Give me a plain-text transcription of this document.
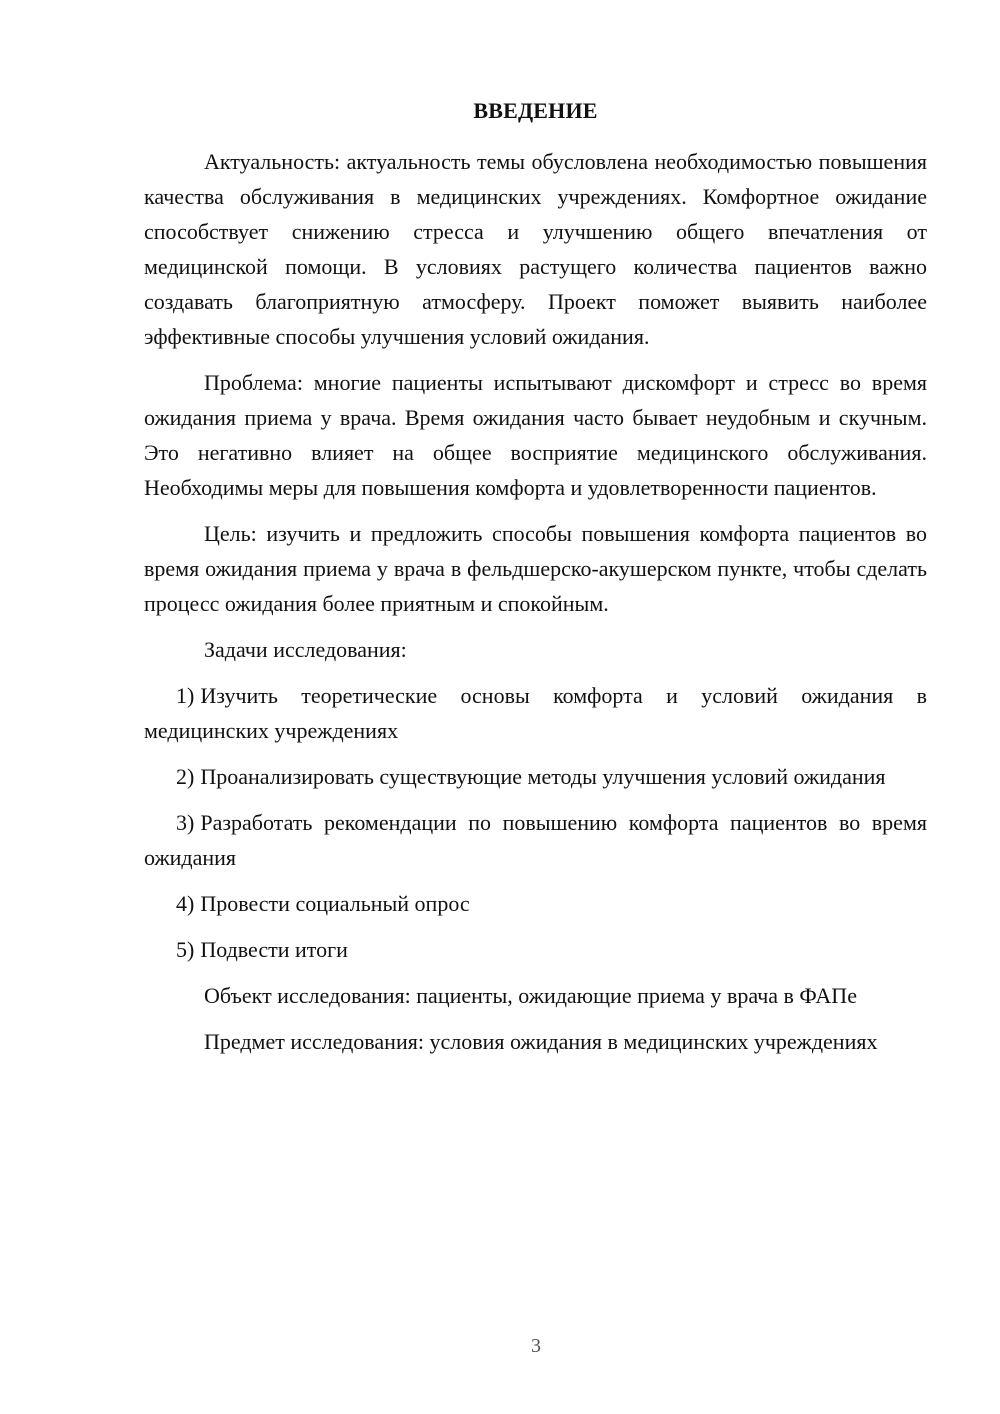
ВВЕДЕНИЕ

Актуальность: актуальность темы обусловлена необходимостью повышения качества обслуживания в медицинских учреждениях. Комфортное ожидание способствует снижению стресса и улучшению общего впечатления от медицинской помощи. В условиях растущего количества пациентов важно создавать благоприятную атмосферу. Проект поможет выявить наиболее эффективные способы улучшения условий ожидания.

Проблема: многие пациенты испытывают дискомфорт и стресс во время ожидания приема у врача. Время ожидания часто бывает неудобным и скучным. Это негативно влияет на общее восприятие медицинского обслуживания. Необходимы меры для повышения комфорта и удовлетворенности пациентов.

Цель: изучить и предложить способы повышения комфорта пациентов во время ожидания приема у врача в фельдшерско-акушерском пункте, чтобы сделать процесс ожидания более приятным и спокойным.

Задачи исследования:

1) Изучить теоретические основы комфорта и условий ожидания в медицинских учреждениях

2) Проанализировать существующие методы улучшения условий ожидания

3) Разработать рекомендации по повышению комфорта пациентов во время ожидания

4) Провести социальный опрос

5) Подвести итоги

Объект исследования: пациенты, ожидающие приема у врача в ФАПе

Предмет исследования: условия ожидания в медицинских учреждениях

3
